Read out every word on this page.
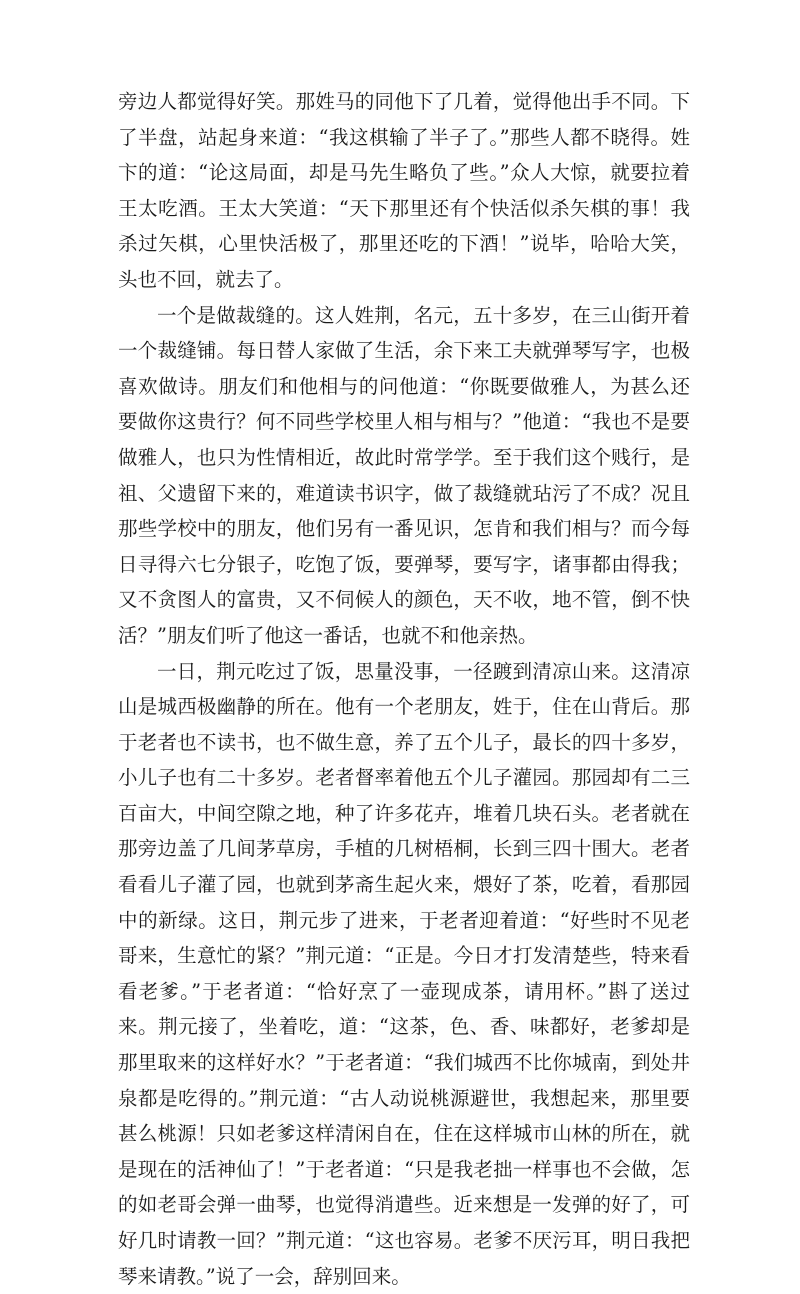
旁边人都觉得好笑。那姓马的同他下了几着，觉得他出手不同。下了半盘，站起身来道：“我这棋输了半子了。”那些人都不晓得。姓卞的道：“论这局面，却是马先生略负了些。”众人大惊，就要拉着王太吃酒。王太大笑道：“天下那里还有个快活似杀矢棋的事！我杀过矢棋，心里快活极了，那里还吃的下酒！”说毕，哈哈大笑，头也不回，就去了。

一个是做裁缝的。这人姓荆，名元，五十多岁，在三山街开着一个裁缝铺。每日替人家做了生活，余下来工夫就弹琴写字，也极喜欢做诗。朋友们和他相与的问他道：“你既要做雅人，为甚么还要做你这贵行？何不同些学校里人相与相与？”他道：“我也不是要做雅人，也只为性情相近，故此时常学学。至于我们这个贱行，是祖、父遗留下来的，难道读书识字，做了裁缝就玷污了不成？况且那些学校中的朋友，他们另有一番见识，怎肯和我们相与？而今每日寻得六七分银子，吃饱了饭，要弹琴，要写字，诸事都由得我；又不贪图人的富贵，又不伺候人的颜色，天不收，地不管，倒不快活？”朋友们听了他这一番话，也就不和他亲热。

一日，荆元吃过了饭，思量没事，一径踱到清凉山来。这清凉山是城西极幽静的所在。他有一个老朋友，姓于，住在山背后。那于老者也不读书，也不做生意，养了五个儿子，最长的四十多岁，小儿子也有二十多岁。老者督率着他五个儿子灌园。那园却有二三百亩大，中间空隙之地，种了许多花卉，堆着几块石头。老者就在那旁边盖了几间茅草房，手植的几树梧桐，长到三四十围大。老者看看儿子灌了园，也就到茅斋生起火来，煨好了茶，吃着，看那园中的新绿。这日，荆元步了进来，于老者迎着道：“好些时不见老哥来，生意忙的紧？”荆元道：“正是。今日才打发清楚些，特来看看老爹。”于老者道：“恰好烹了一壶现成茶，请用杯。”斟了送过来。荆元接了，坐着吃，道：“这茶，色、香、味都好，老爹却是那里取来的这样好水？”于老者道：“我们城西不比你城南，到处井泉都是吃得的。”荆元道：“古人动说桃源避世，我想起来，那里要甚么桃源！只如老爹这样清闲自在，住在这样城市山林的所在，就是现在的活神仙了！”于老者道：“只是我老拙一样事也不会做，怎的如老哥会弹一曲琴，也觉得消遣些。近来想是一发弹的好了，可好几时请教一回？”荆元道：“这也容易。老爹不厌污耳，明日我把琴来请教。”说了一会，辞别回来。
